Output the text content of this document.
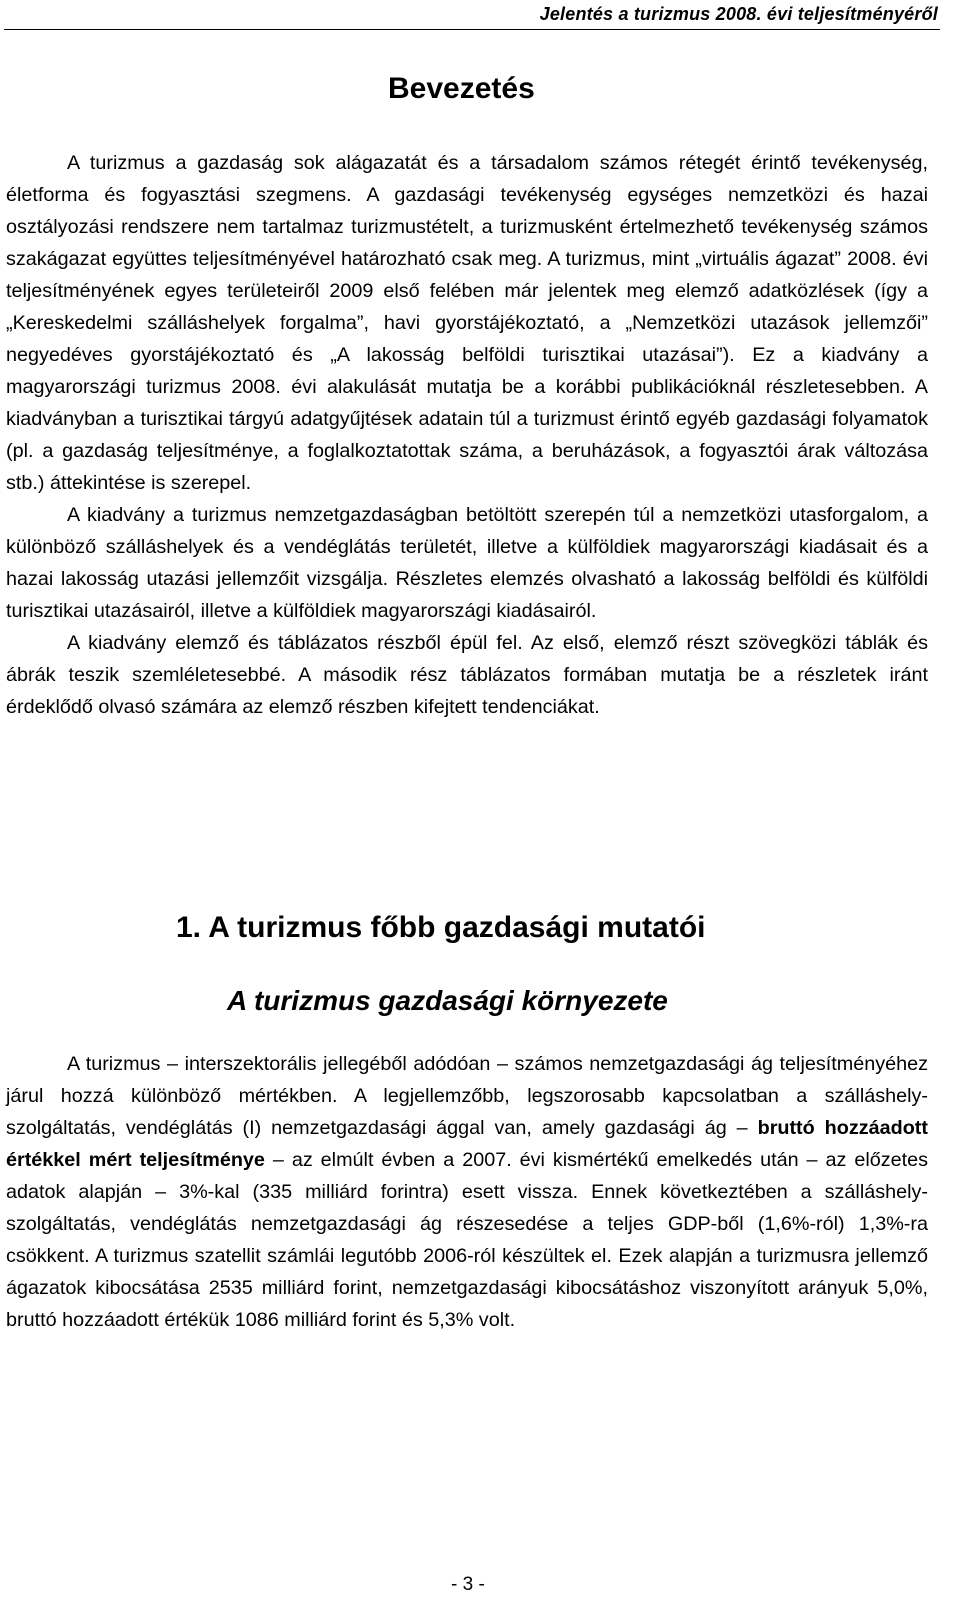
Jelentés a turizmus 2008. évi teljesítményéről
Bevezetés

A turizmus a gazdaság sok alágazatát és a társadalom számos rétegét érintő tevékenység, életforma és fogyasztási szegmens. A gazdasági tevékenység egységes nemzetközi és hazai osztályozási rendszere nem tartalmaz turizmustételt, a turizmusként értelmezhető tevékenység számos szakágazat együttes teljesítményével határozható csak meg. A turizmus, mint „virtuális ágazat” 2008. évi teljesítményének egyes területeiről 2009 első felében már jelentek meg elemző adatközlések (így a „Kereskedelmi szálláshelyek forgalma”, havi gyorstájékoztató, a „Nemzetközi utazások jellemzői” negyedéves gyorstájékoztató és „A lakosság belföldi turisztikai utazásai”). Ez a kiadvány a magyarországi turizmus 2008. évi alakulását mutatja be a korábbi publikációknál részletesebben. A kiadványban a turisztikai tárgyú adatgyűjtések adatain túl a turizmust érintő egyéb gazdasági folyamatok (pl. a gazdaság teljesítménye, a foglalkoztatottak száma, a beruházások, a fogyasztói árak változása stb.) áttekintése is szerepel.

A kiadvány a turizmus nemzetgazdaságban betöltött szerepén túl a nemzetközi utasforgalom, a különböző szálláshelyek és a vendéglátás területét, illetve a külföldiek magyarországi kiadásait és a hazai lakosság utazási jellemzőit vizsgálja. Részletes elemzés olvasható a lakosság belföldi és külföldi turisztikai utazásairól, illetve a külföldiek magyarországi kiadásairól.

A kiadvány elemző és táblázatos részből épül fel. Az első, elemző részt szövegközi táblák és ábrák teszik szemléletesebbé. A második rész táblázatos formában mutatja be a részletek iránt érdeklődő olvasó számára az elemző részben kifejtett tendenciákat.

1. A turizmus főbb gazdasági mutatói
A turizmus gazdasági környezete

A turizmus – interszektorális jellegéből adódóan – számos nemzetgazdasági ág teljesítményéhez járul hozzá különböző mértékben. A legjellemzőbb, legszorosabb kapcsolatban a szálláshely-szolgáltatás, vendéglátás (I) nemzetgazdasági ággal van, amely gazdasági ág – bruttó hozzáadott értékkel mért teljesítménye – az elmúlt évben a 2007. évi kismértékű emelkedés után – az előzetes adatok alapján – 3%-kal (335 milliárd forintra) esett vissza. Ennek következtében a szálláshely-szolgáltatás, vendéglátás nemzetgazdasági ág részesedése a teljes GDP-ből (1,6%-ról) 1,3%-ra csökkent. A turizmus szatellit számlái legutóbb 2006-ról készültek el. Ezek alapján a turizmusra jellemző ágazatok kibocsátása 2535 milliárd forint, nemzetgazdasági kibocsátáshoz viszonyított arányuk 5,0%, bruttó hozzáadott értékük 1086 milliárd forint és 5,3% volt.

- 3 -
